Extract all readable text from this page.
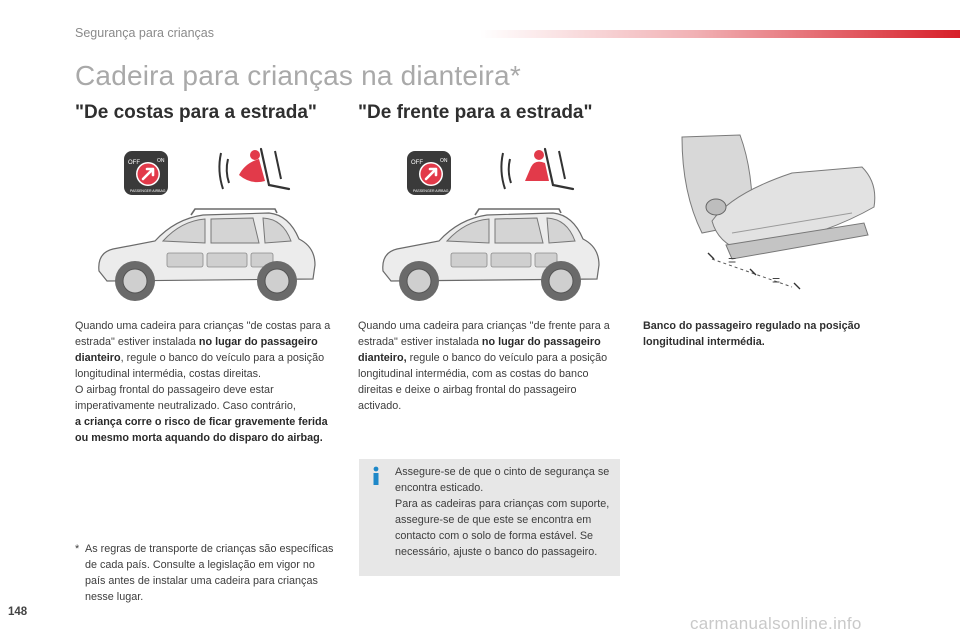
Segurança para crianças
Cadeira para crianças na dianteira*
"De costas para a estrada" "De frente para a estrada"
OFF	ON
PASSENGER AIRBAG
OFF	ON
PASSENGER AIRBAG
=
=
Quando uma cadeira para crianças "de costas para a estrada" estiver instalada no lugar do passageiro dianteiro, regule o banco do veículo para a posição longitudinal intermédia, costas direitas.
O airbag frontal do passageiro deve estar imperativamente neutralizado. Caso contrário,
a criança corre o risco de ficar gravemente ferida ou mesmo morta aquando do disparo do airbag.
* As regras de transporte de crianças são específicas de cada país. Consulte a legislação em vigor no país antes de instalar uma cadeira para crianças nesse lugar.
Quando uma cadeira para crianças "de frente para a estrada" estiver instalada no lugar do passageiro dianteiro, regule o banco do veículo para a posição longitudinal intermédia, com as costas do banco direitas e deixe o airbag frontal do passageiro activado.
Assegure-se de que o cinto de segurança se encontra esticado.
Para as cadeiras para crianças com suporte, assegure-se de que este se encontra em contacto com o solo de forma estável. Se necessário, ajuste o banco do passageiro.
Banco do passageiro regulado na posição longitudinal intermédia.
148
carmanualsonline.info
